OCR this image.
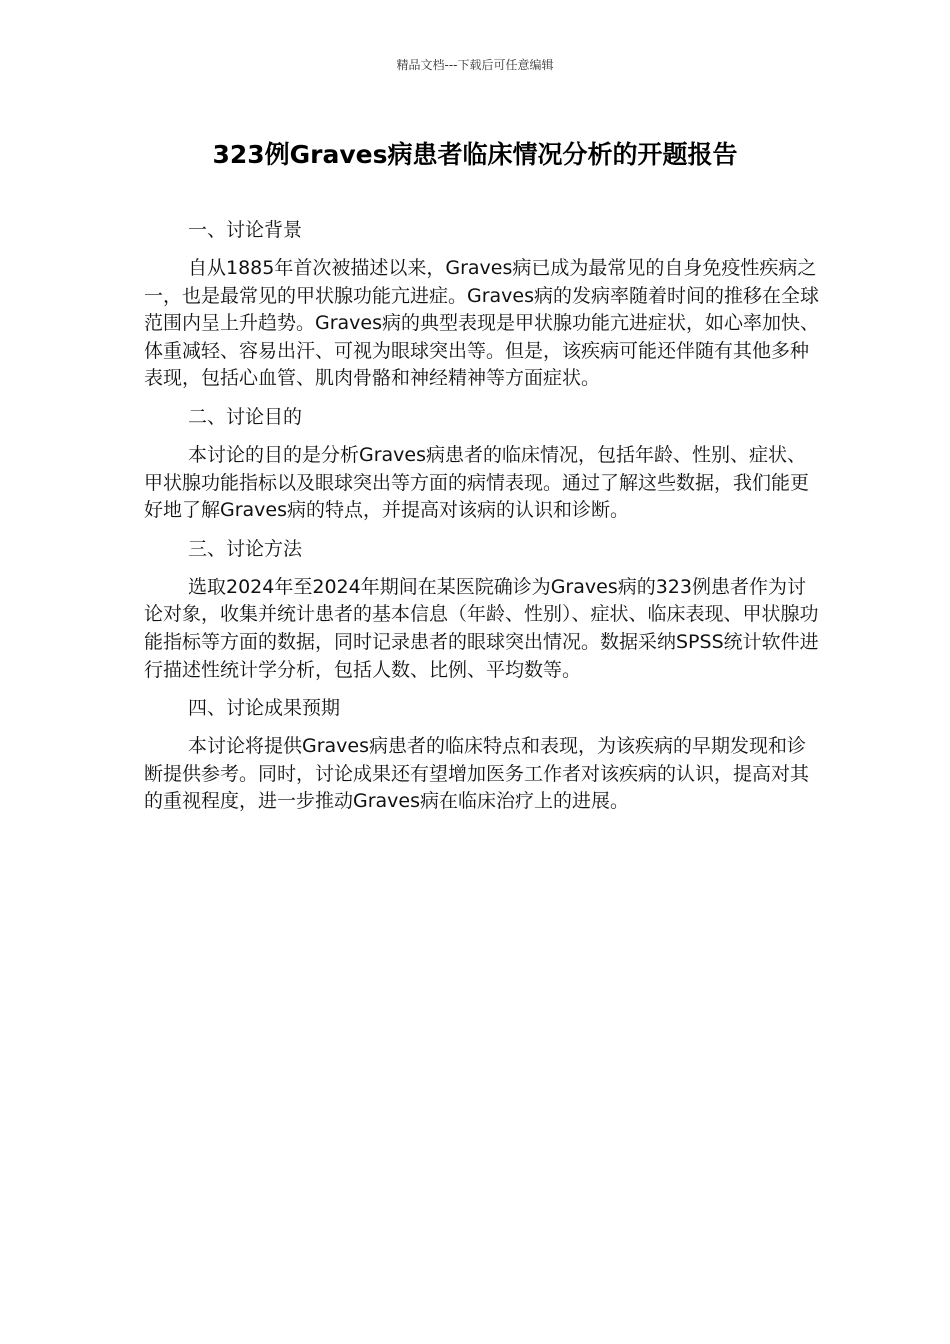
精品文档---下载后可任意编辑
323例Graves病患者临床情况分析的开题报告
一、讨论背景
自从1885年首次被描述以来，Graves病已成为最常见的自身免疫性疾病之一，也是最常见的甲状腺功能亢进症。Graves病的发病率随着时间的推移在全球范围内呈上升趋势。Graves病的典型表现是甲状腺功能亢进症状，如心率加快、体重减轻、容易出汗、可视为眼球突出等。但是，该疾病可能还伴随有其他多种表现，包括心血管、肌肉骨骼和神经精神等方面症状。
二、讨论目的
本讨论的目的是分析Graves病患者的临床情况，包括年龄、性别、症状、甲状腺功能指标以及眼球突出等方面的病情表现。通过了解这些数据，我们能更好地了解Graves病的特点，并提高对该病的认识和诊断。
三、讨论方法
选取2024年至2024年期间在某医院确诊为Graves病的323例患者作为讨论对象，收集并统计患者的基本信息（年龄、性别）、症状、临床表现、甲状腺功能指标等方面的数据，同时记录患者的眼球突出情况。数据采纳SPSS统计软件进行描述性统计学分析，包括人数、比例、平均数等。
四、讨论成果预期
本讨论将提供Graves病患者的临床特点和表现，为该疾病的早期发现和诊断提供参考。同时，讨论成果还有望增加医务工作者对该疾病的认识，提高对其的重视程度，进一步推动Graves病在临床治疗上的进展。
